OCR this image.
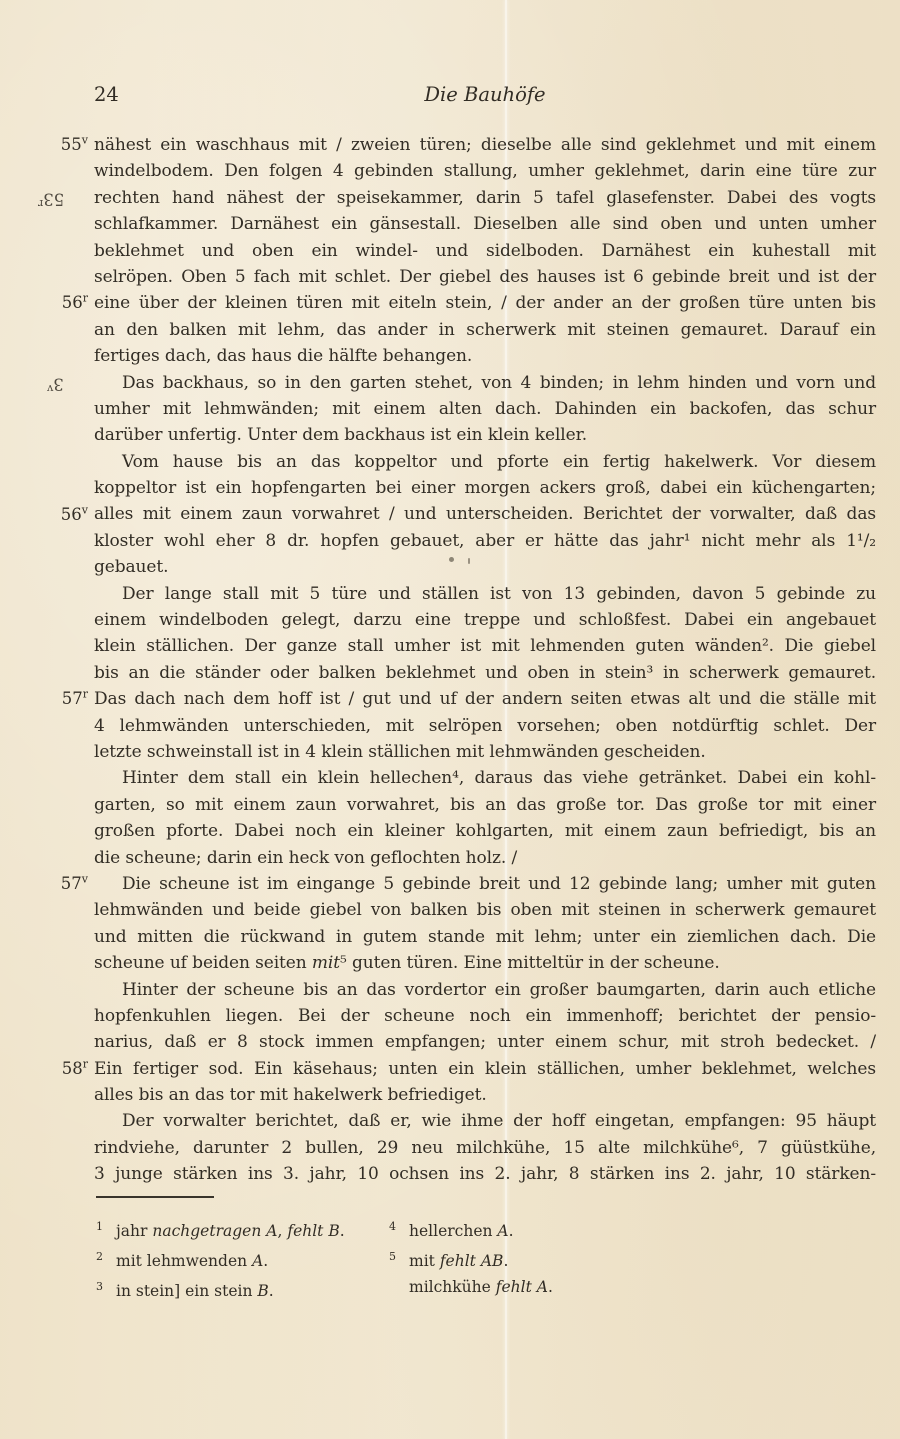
24	Die Bauhöfe
55$^v$
53$^r$
56$^r$
3$^v$
56$^v$
57$^r$
57$^v$
58$^r$
nähest ein waschhaus mit / zweien türen; dieselbe alle sind geklehmet und mit einem
windelbodem. Den folgen 4 gebinden stallung, umher geklehmet, darin eine türe zur
rechten hand nähest der speisekammer, darin 5 tafel glasefenster. Dabei des vogts
schlafkammer. Darnähest ein gänsestall. Dieselben alle sind oben und unten umher
beklehmet und oben ein windel- und sidelboden. Darnähest ein kuhestall mit
selröpen. Oben 5 fach mit schlet. Der giebel des hauses ist 6 gebinde breit und ist der
eine über der kleinen türen mit eiteln stein, / der ander an der großen türe unten bis
an den balken mit lehm, das ander in scherwerk mit steinen gemauret. Darauf ein
fertiges dach, das haus die hälfte behangen.
Das backhaus, so in den garten stehet, von 4 binden; in lehm hinden und vorn und
umher mit lehmwänden; mit einem alten dach. Dahinden ein backofen, das schur
darüber unfertig. Unter dem backhaus ist ein klein keller.
Vom hause bis an das koppeltor und pforte ein fertig hakelwerk. Vor diesem
koppeltor ist ein hopfengarten bei einer morgen ackers groß, dabei ein küchengarten;
alles mit einem zaun vorwahret / und unterscheiden. Berichtet der vorwalter, daß das
kloster wohl eher 8 dr. hopfen gebauet, aber er hätte das jahr¹ nicht mehr als 1¹/₂
gebauet.
Der lange stall mit 5 türe und ställen ist von 13 gebinden, davon 5 gebinde zu
einem windelboden gelegt, darzu eine treppe und schloßfest. Dabei ein angebauet
klein ställichen. Der ganze stall umher ist mit lehmenden guten wänden². Die giebel
bis an die ständer oder balken beklehmet und oben in stein³ in scherwerk gemauret.
Das dach nach dem hoff ist / gut und uf der andern seiten etwas alt und die ställe mit
4 lehmwänden unterschieden, mit selröpen vorsehen; oben notdürftig schlet. Der
letzte schweinstall ist in 4 klein ställichen mit lehmwänden gescheiden.
Hinter dem stall ein klein hellechen⁴, daraus das viehe getränket. Dabei ein kohl-
garten, so mit einem zaun vorwahret, bis an das große tor. Das große tor mit einer
großen pforte. Dabei noch ein kleiner kohlgarten, mit einem zaun befriedigt, bis an
die scheune; darin ein heck von geflochten holz. /
Die scheune ist im eingange 5 gebinde breit und 12 gebinde lang; umher mit guten
lehmwänden und beide giebel von balken bis oben mit steinen in scherwerk gemauret
und mitten die rückwand in gutem stande mit lehm; unter ein ziemlichen dach. Die
scheune uf beiden seiten mit⁵ guten türen. Eine mitteltür in der scheune.
Hinter der scheune bis an das vordertor ein großer baumgarten, darin auch etliche
hopfenkuhlen liegen. Bei der scheune noch ein immenhoff; berichtet der pensio-
narius, daß er 8 stock immen empfangen; unter einem schur, mit stroh bedecket. /
Ein fertiger sod. Ein käsehaus; unten ein klein ställichen, umher beklehmet, welches
alles bis an das tor mit hakelwerk befriediget.
Der vorwalter berichtet, daß er, wie ihme der hoff eingetan, empfangen: 95 häupt
rindviehe, darunter 2 bullen, 29 neu milchkühe, 15 alte milchkühe⁶, 7 güüstkühe,
3 junge stärken ins 3. jahr, 10 ochsen ins 2. jahr, 8 stärken ins 2. jahr, 10 stärken-
1 jahr nachgetragen A, fehlt B.
2 mit lehmwenden A.
3 in stein] ein stein B.
4 hellerchen A.
5 mit fehlt AB.
milchkühe fehlt A.
